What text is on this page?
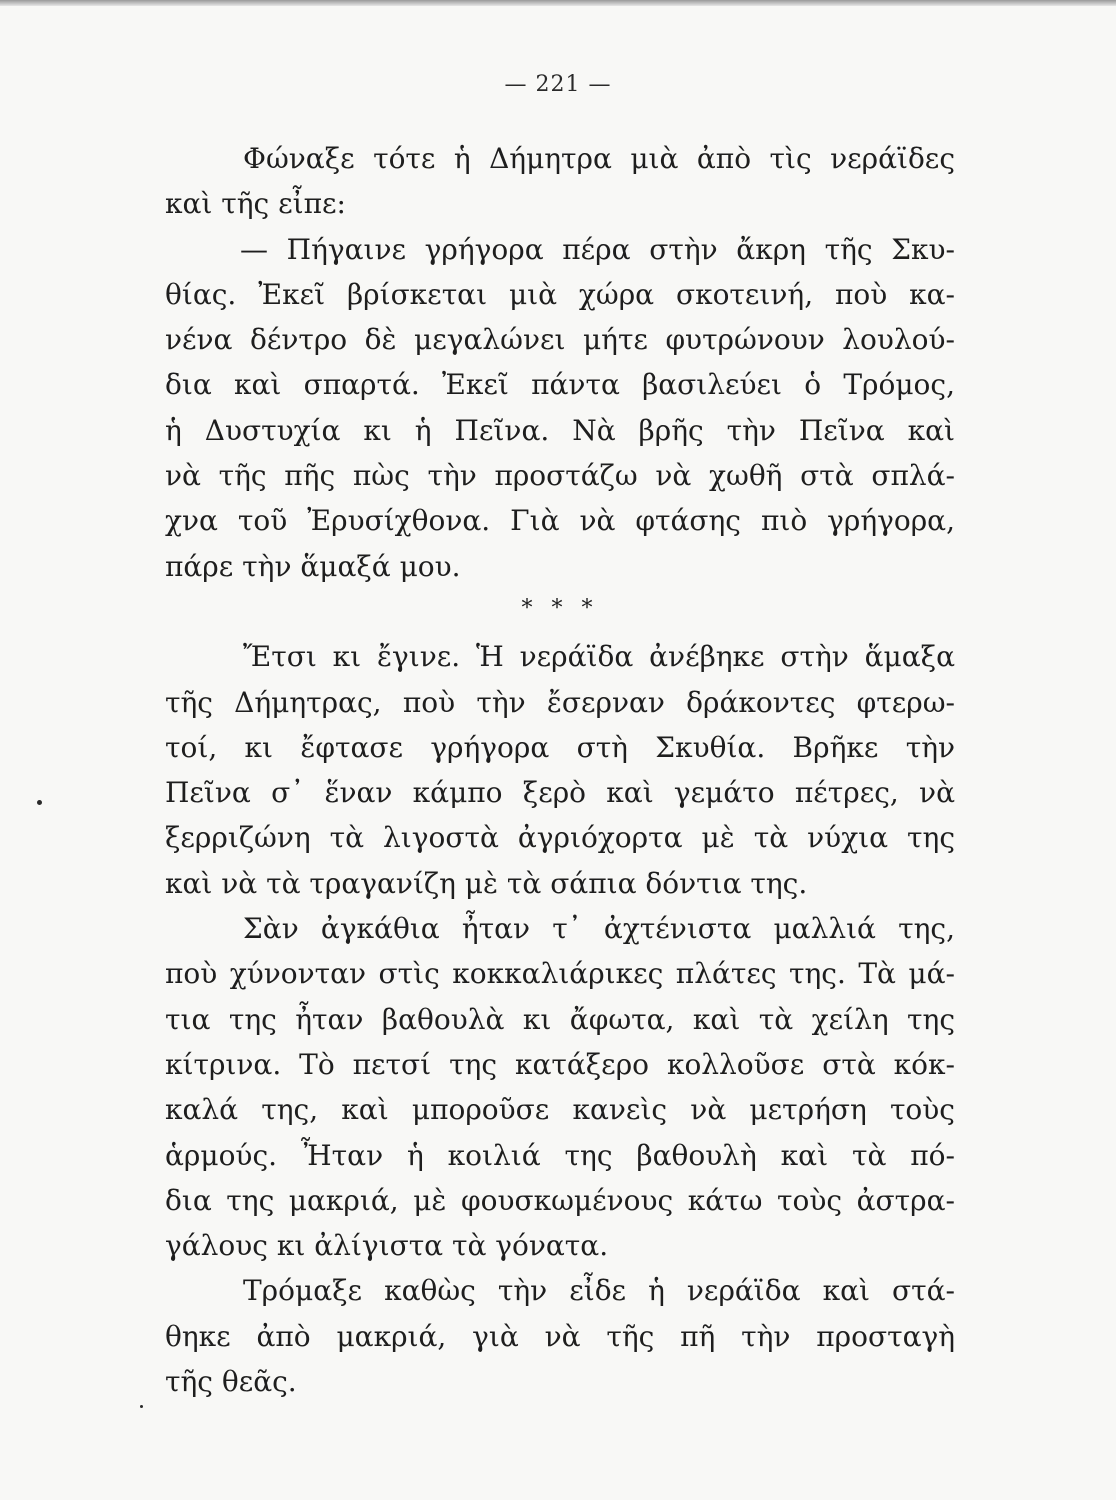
— 221 —
Φώναξε τότε ἡ Δήμητρα μιὰ ἀπὸ τὶς νεράϊδες
καὶ τῆς εἶπε:
— Πήγαινε γρήγορα πέρα στὴν ἄκρη τῆς Σκυ-
θίας. Ἐκεῖ βρίσκεται μιὰ χώρα σκοτεινή, ποὺ κα-
νένα δέντρο δὲ μεγαλώνει μήτε φυτρώνουν λουλού-
δια καὶ σπαρτά. Ἐκεῖ πάντα βασιλεύει ὁ Τρόμος,
ἡ Δυστυχία κι ἡ Πεῖνα. Νὰ βρῆς τὴν Πεῖνα καὶ
νὰ τῆς πῆς πὼς τὴν προστάζω νὰ χωθῆ στὰ σπλά-
χνα τοῦ Ἐρυσίχθονα. Γιὰ νὰ φτάσης πιὸ γρήγορα,
πάρε τὴν ἅμαξά μου.
* * *
Ἔτσι κι ἔγινε. Ἡ νεράϊδα ἀνέβηκε στὴν ἅμαξα
τῆς Δήμητρας, ποὺ τὴν ἔσερναν δράκοντες φτερω-
τοί, κι ἔφτασε γρήγορα στὴ Σκυθία. Βρῆκε τὴν
Πεῖνα σ᾽ ἕναν κάμπο ξερὸ καὶ γεμάτο πέτρες, νὰ
ξερριζώνη τὰ λιγοστὰ ἀγριόχορτα μὲ τὰ νύχια της
καὶ νὰ τὰ τραγανίζη μὲ τὰ σάπια δόντια της.
Σὰν ἀγκάθια ἦταν τ᾽ ἀχτένιστα μαλλιά της,
ποὺ χύνονταν στὶς κοκκαλιάρικες πλάτες της. Τὰ μά-
τια της ἦταν βαθουλὰ κι ἄφωτα, καὶ τὰ χείλη της
κίτρινα. Τὸ πετσί της κατάξερο κολλοῦσε στὰ κόκ-
καλά της, καὶ μποροῦσε κανεὶς νὰ μετρήση τοὺς
ἁρμούς. Ἦταν ἡ κοιλιά της βαθουλὴ καὶ τὰ πό-
δια της μακριά, μὲ φουσκωμένους κάτω τοὺς ἀστρα-
γάλους κι ἀλίγιστα τὰ γόνατα.
Τρόμαξε καθὼς τὴν εἶδε ἡ νεράϊδα καὶ στά-
θηκε ἀπὸ μακριά, γιὰ νὰ τῆς πῆ τὴν προσταγὴ
τῆς θεᾶς.
